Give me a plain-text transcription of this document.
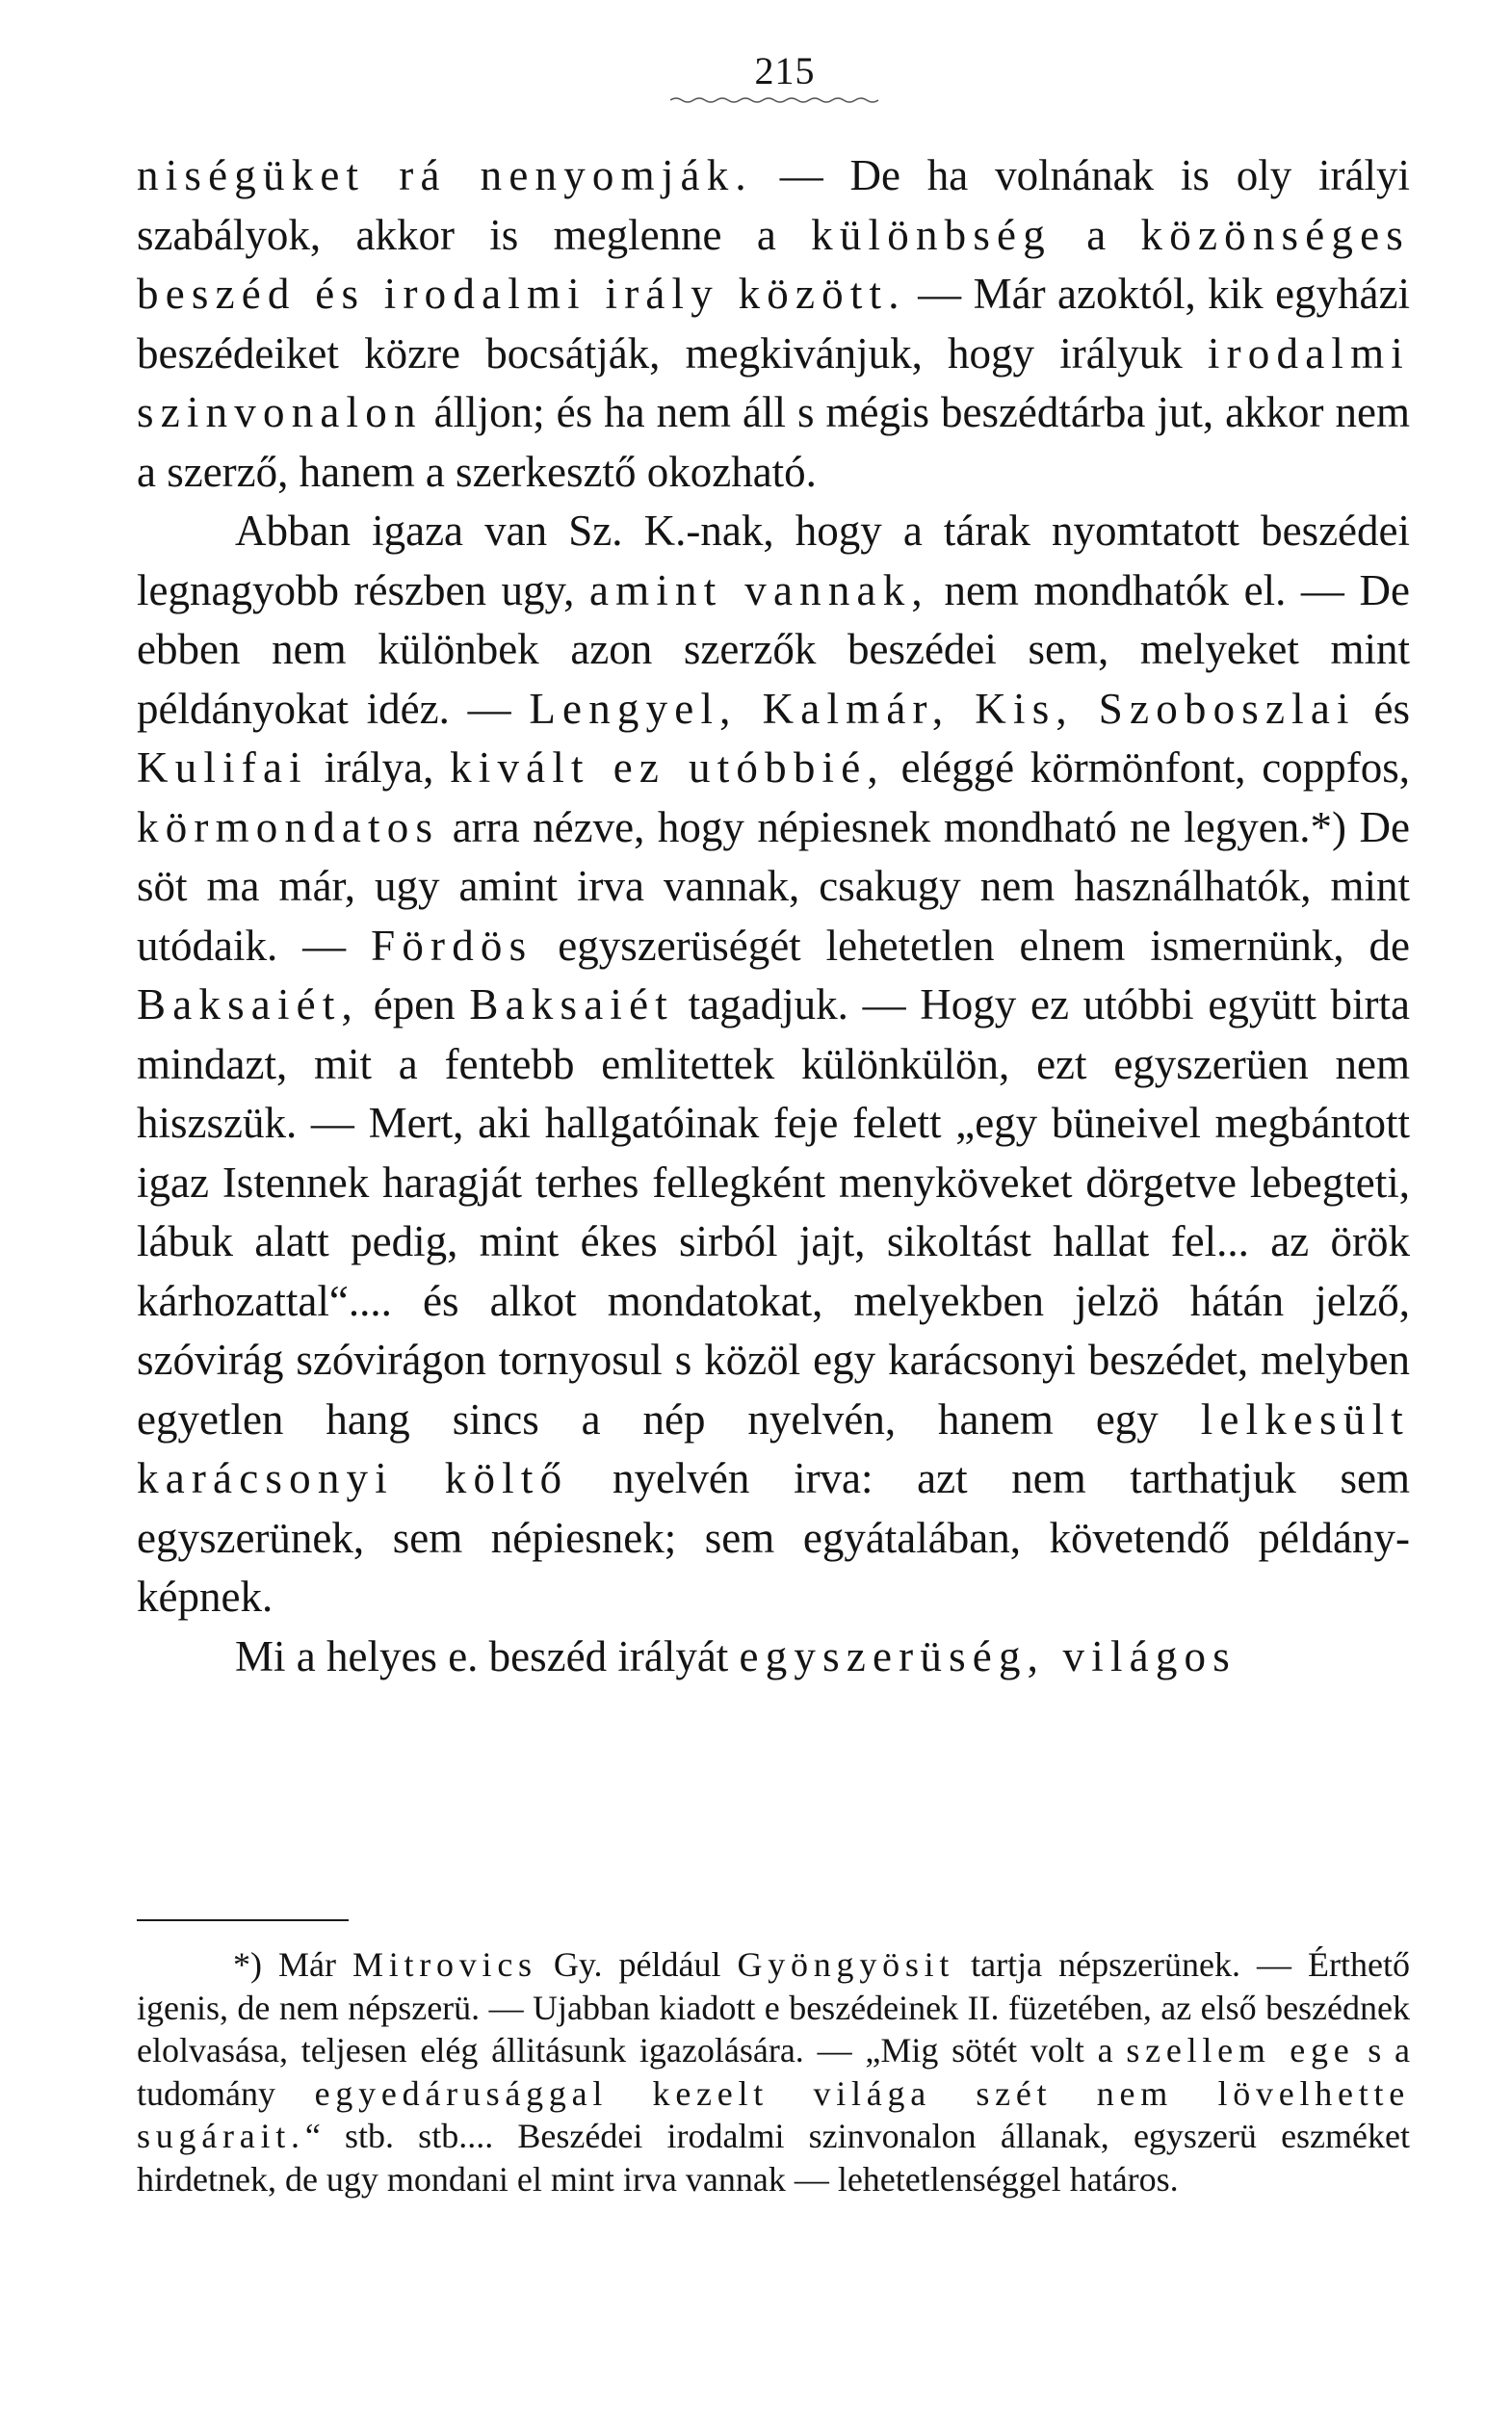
215

niségüket rá nenyomják. — De ha volnának is oly irályi szabályok, akkor is meglenne a különbség a közönséges beszéd és irodalmi irály között. — Már azoktól, kik egyházi beszédeiket közre bocsátják, megkivánjuk, hogy irályuk irodalmi szinvonalon álljon; és ha nem áll s mégis beszédtárba jut, akkor nem a szerző, hanem a szerkesztő okozható.

Abban igaza van Sz. K.-nak, hogy a tárak nyomtatott beszédei legnagyobb részben ugy, amint vannak, nem mondhatók el. — De ebben nem különbek azon szerzők beszédei sem, melyeket mint példányokat idéz. — Lengyel, Kalmár, Kis, Szoboszlai és Kulifai irálya, kivált ez utóbbié, eléggé körmönfont, coppfos, körmondatos arra nézve, hogy népiesnek mondható ne legyen.*) De söt ma már, ugy amint irva vannak, csakugy nem használhatók, mint utódaik. — Fördös egyszerüségét lehetetlen elnem ismernünk, de Baksaiét, épen Baksaiét tagadjuk. — Hogy ez utóbbi együtt birta mindazt, mit a fentebb emlitettek különkülön, ezt egyszerüen nem hiszszük. — Mert, aki hallgatóinak feje felett „egy büneivel megbántott igaz Istennek haragját terhes fellegként menyköveket dörgetve lebegteti, lábuk alatt pedig, mint ékes sirból jajt, sikoltást hallat fel... az örök kárhozattal“.... és alkot mondatokat, melyekben jelzö hátán jelző, szóvirág szóvirágon tornyosul s közöl egy karácsonyi beszédet, melyben egyetlen hang sincs a nép nyelvén, hanem egy lelkesült karácsonyi költő nyelvén irva: azt nem tarthatjuk sem egyszerünek, sem népiesnek; sem egyátalában, követendő példány-képnek.

Mi a helyes e. beszéd irályát egyszerüség, világos

*) Már Mitrovics Gy. például Gyöngyösit tartja népszerünek. — Érthető igenis, de nem népszerü. — Ujabban kiadott e beszédeinek II. füzetében, az első beszédnek elolvasása, teljesen elég állitásunk igazolására. — „Mig sötét volt a szellem ege s a tudomány egyedárusággal kezelt világa szét nem lövelhette sugárait.“ stb. stb.... Beszédei irodalmi szinvonalon állanak, egyszerü eszméket hirdetnek, de ugy mondani el mint irva vannak — lehetetlenséggel határos.
